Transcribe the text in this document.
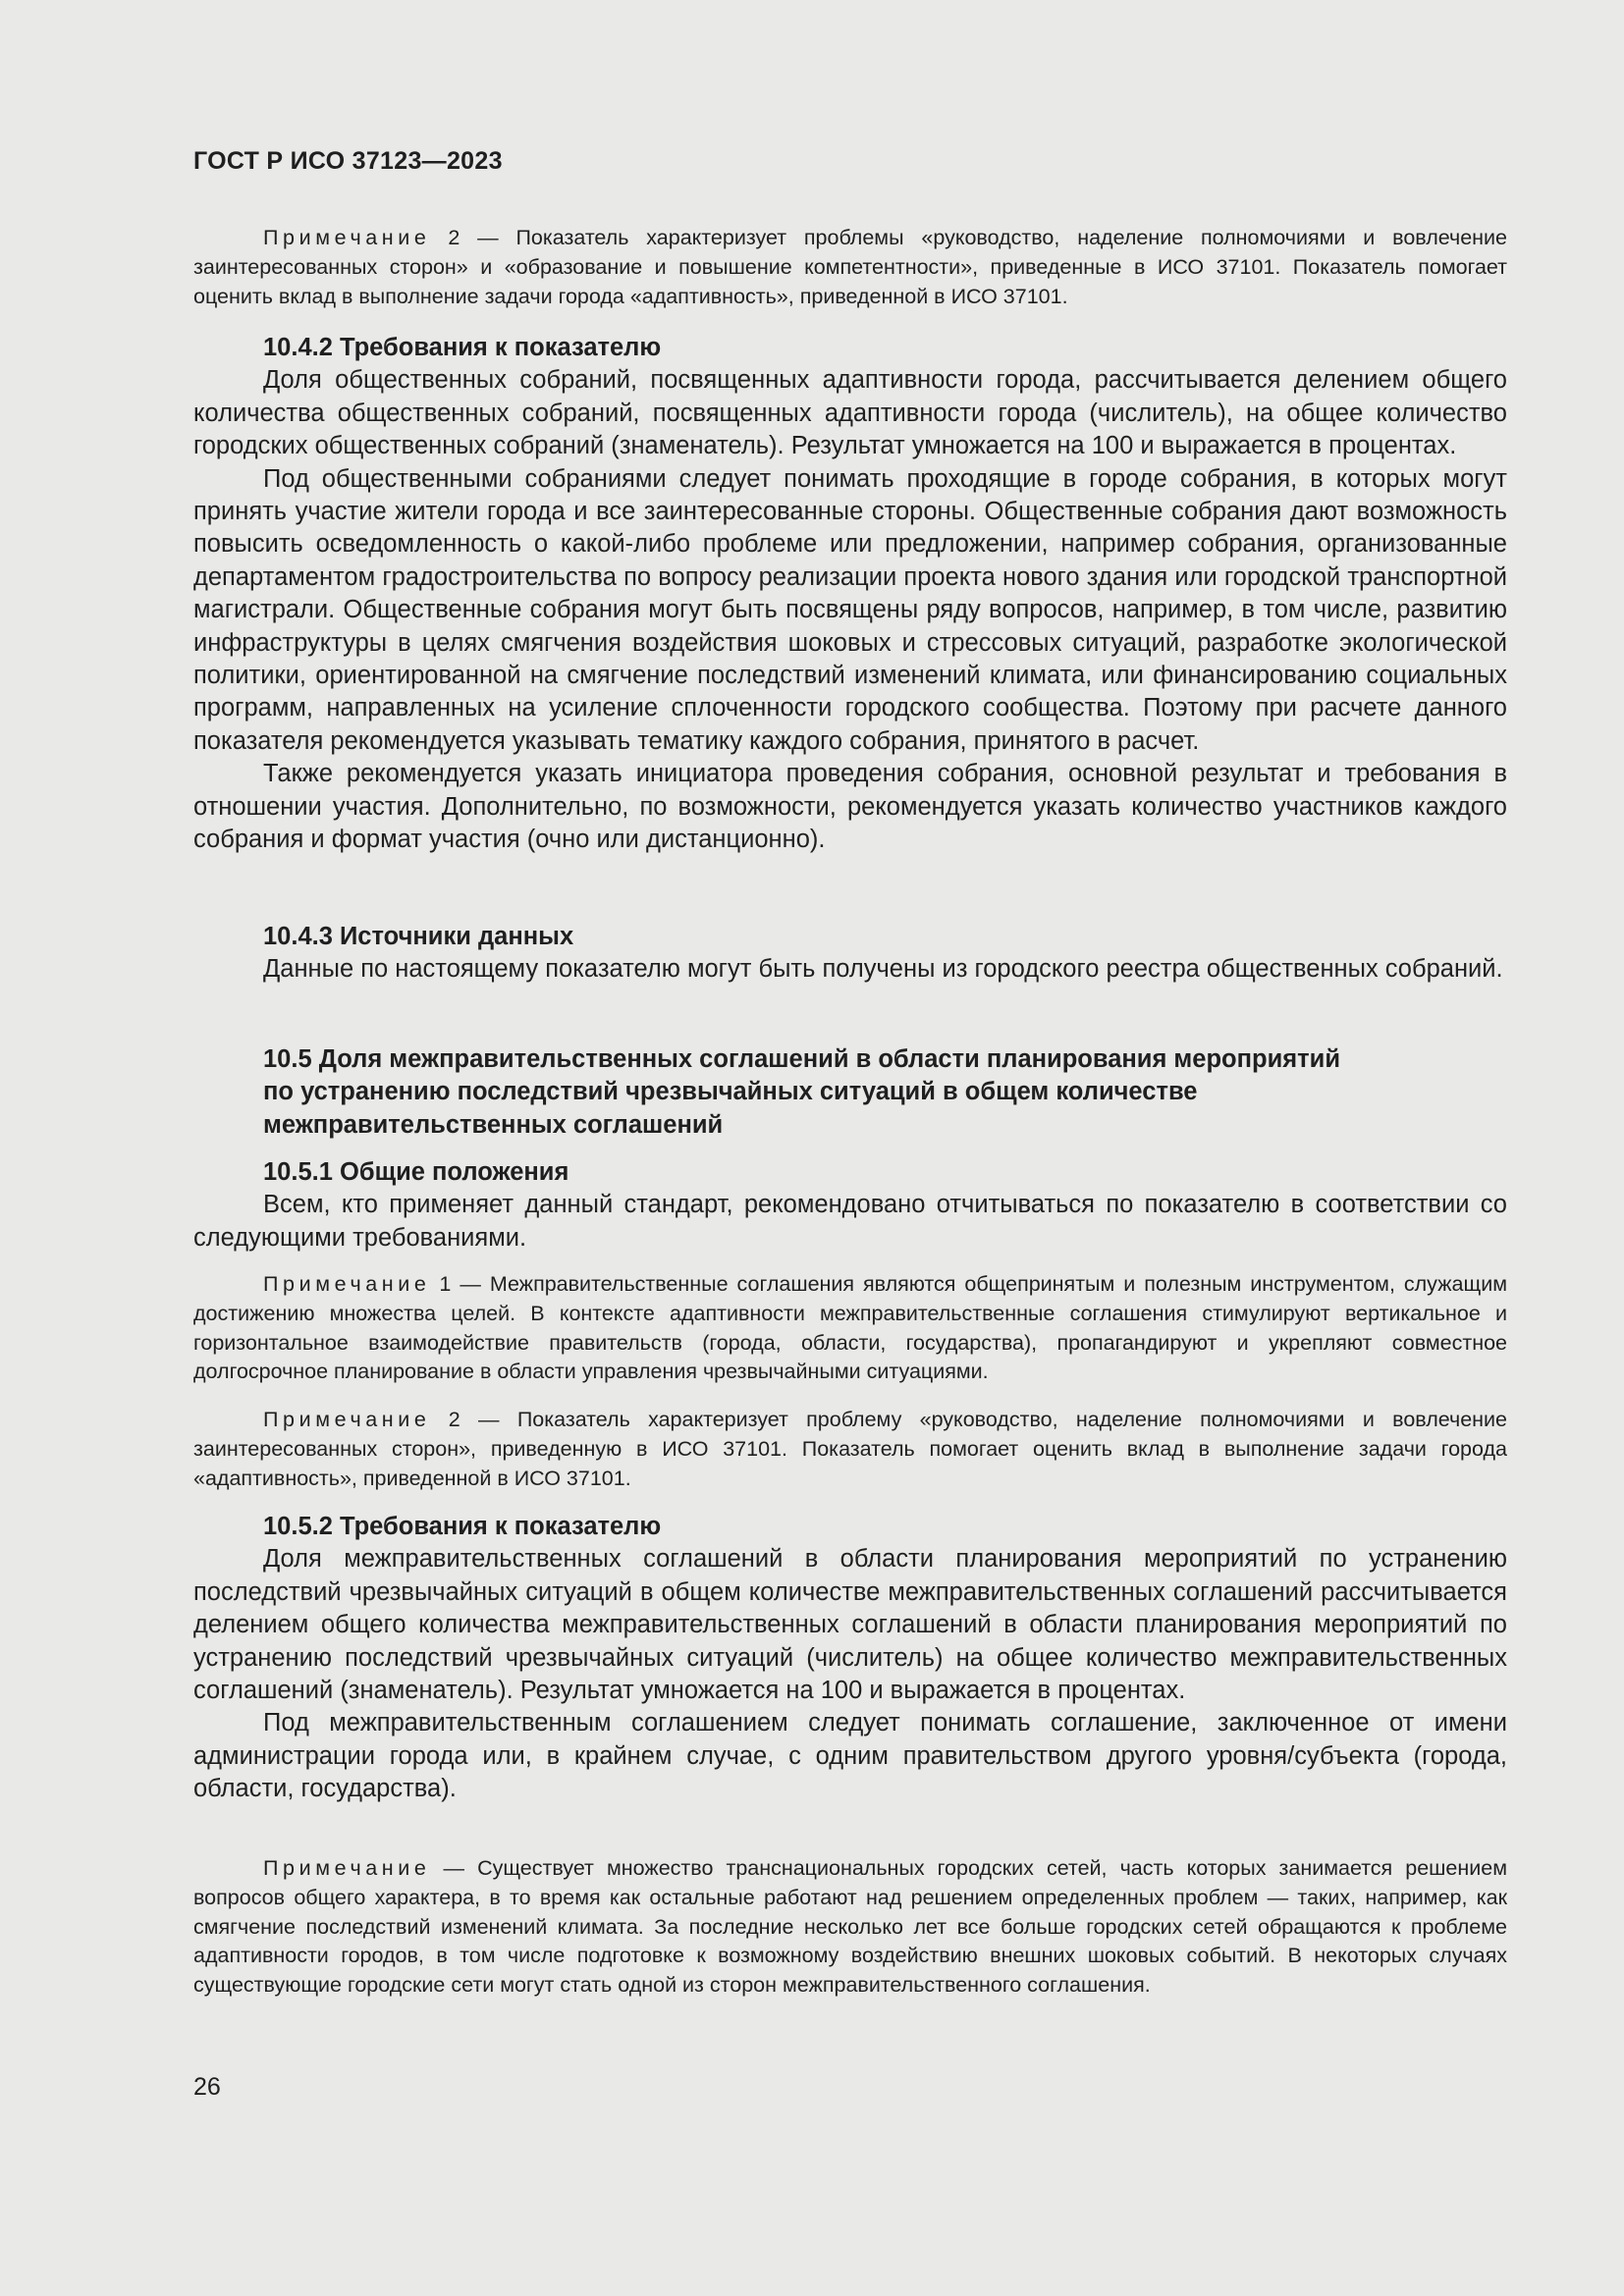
ГОСТ Р ИСО 37123—2023

Примечание 2 — Показатель характеризует проблемы «руководство, наделение полномочиями и вовлечение заинтересованных сторон» и «образование и повышение компетентности», приведенные в ИСО 37101. Показатель помогает оценить вклад в выполнение задачи города «адаптивность», приведенной в ИСО 37101.

10.4.2 Требования к показателю

Доля общественных собраний, посвященных адаптивности города, рассчитывается делением общего количества общественных собраний, посвященных адаптивности города (числитель), на общее количество городских общественных собраний (знаменатель). Результат умножается на 100 и выражается в процентах.

Под общественными собраниями следует понимать проходящие в городе собрания, в которых могут принять участие жители города и все заинтересованные стороны. Общественные собрания дают возможность повысить осведомленность о какой-либо проблеме или предложении, например собрания, организованные департаментом градостроительства по вопросу реализации проекта нового здания или городской транспортной магистрали. Общественные собрания могут быть посвящены ряду вопросов, например, в том числе, развитию инфраструктуры в целях смягчения воздействия шоковых и стрессовых ситуаций, разработке экологической политики, ориентированной на смягчение последствий изменений климата, или финансированию социальных программ, направленных на усиление сплоченности городского сообщества. Поэтому при расчете данного показателя рекомендуется указывать тематику каждого собрания, принятого в расчет.

Также рекомендуется указать инициатора проведения собрания, основной результат и требования в отношении участия. Дополнительно, по возможности, рекомендуется указать количество участников каждого собрания и формат участия (очно или дистанционно).

10.4.3 Источники данных

Данные по настоящему показателю могут быть получены из городского реестра общественных собраний.

10.5 Доля межправительственных соглашений в области планирования мероприятий

по устранению последствий чрезвычайных ситуаций в общем количестве

межправительственных соглашений

10.5.1 Общие положения

Всем, кто применяет данный стандарт, рекомендовано отчитываться по показателю в соответствии со следующими требованиями.

Примечание 1 — Межправительственные соглашения являются общепринятым и полезным инструментом, служащим достижению множества целей. В контексте адаптивности межправительственные соглашения стимулируют вертикальное и горизонтальное взаимодействие правительств (города, области, государства), пропагандируют и укрепляют совместное долгосрочное планирование в области управления чрезвычайными ситуациями.

Примечание 2 — Показатель характеризует проблему «руководство, наделение полномочиями и вовлечение заинтересованных сторон», приведенную в ИСО 37101. Показатель помогает оценить вклад в выполнение задачи города «адаптивность», приведенной в ИСО 37101.

10.5.2 Требования к показателю

Доля межправительственных соглашений в области планирования мероприятий по устранению последствий чрезвычайных ситуаций в общем количестве межправительственных соглашений рассчитывается делением общего количества межправительственных соглашений в области планирования мероприятий по устранению последствий чрезвычайных ситуаций (числитель) на общее количество межправительственных соглашений (знаменатель). Результат умножается на 100 и выражается в процентах.

Под межправительственным соглашением следует понимать соглашение, заключенное от имени администрации города или, в крайнем случае, с одним правительством другого уровня/субъекта (города, области, государства).

Примечание — Существует множество транснациональных городских сетей, часть которых занимается решением вопросов общего характера, в то время как остальные работают над решением определенных проблем — таких, например, как смягчение последствий изменений климата. За последние несколько лет все больше городских сетей обращаются к проблеме адаптивности городов, в том числе подготовке к возможному воздействию внешних шоковых событий. В некоторых случаях существующие городские сети могут стать одной из сторон межправительственного соглашения.

26
